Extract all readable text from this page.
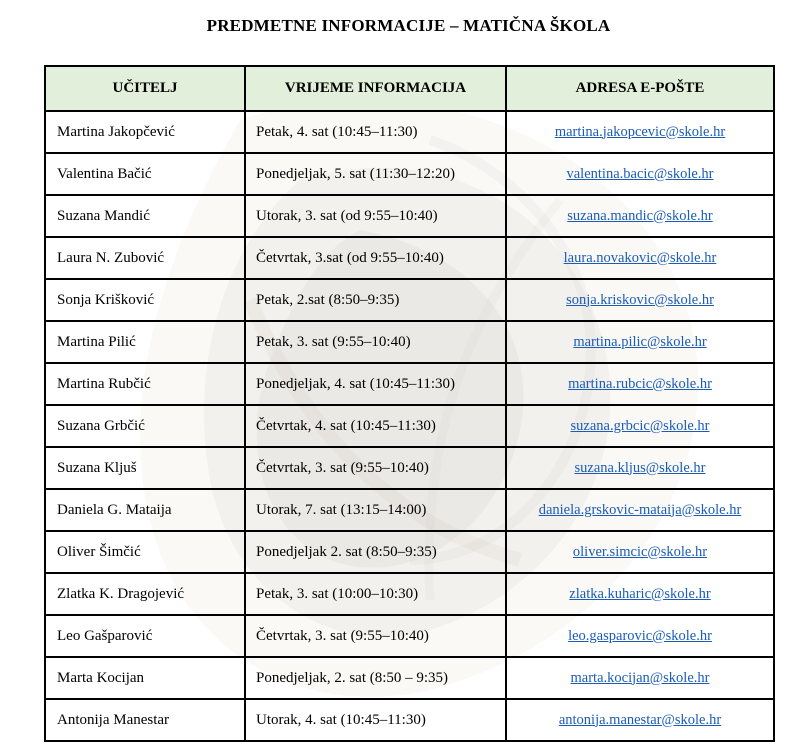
PREDMETNE INFORMACIJE – MATIČNA ŠKOLA
UČITELJ	VRIJEME INFORMACIJA	ADRESA E-POŠTE
Martina Jakopčević	Petak, 4. sat (10:45–11:30)	martina.jakopcevic@skole.hr
Valentina Bačić	Ponedjeljak, 5. sat (11:30–12:20)	valentina.bacic@skole.hr
Suzana Mandić	Utorak, 3. sat (od 9:55–10:40)	suzana.mandic@skole.hr
Laura N. Zubović	Četvrtak, 3.sat (od 9:55–10:40)	laura.novakovic@skole.hr
Sonja Krišković	Petak, 2.sat (8:50–9:35)	sonja.kriskovic@skole.hr
Martina Pilić	Petak, 3. sat (9:55–10:40)	martina.pilic@skole.hr
Martina Rubčić	Ponedjeljak, 4. sat (10:45–11:30)	martina.rubcic@skole.hr
Suzana Grbčić	Četvrtak, 4. sat (10:45–11:30)	suzana.grbcic@skole.hr
Suzana Kljuš	Četvrtak, 3. sat (9:55–10:40)	suzana.kljus@skole.hr
Daniela G. Mataija	Utorak, 7. sat (13:15–14:00)	daniela.grskovic-mataija@skole.hr
Oliver Šimčić	Ponedjeljak 2. sat (8:50–9:35)	oliver.simcic@skole.hr
Zlatka K. Dragojević	Petak, 3. sat (10:00–10:30)	zlatka.kuharic@skole.hr
Leo Gašparović	Četvrtak, 3. sat (9:55–10:40)	leo.gasparovic@skole.hr
Marta Kocijan	Ponedjeljak, 2. sat (8:50 – 9:35)	marta.kocijan@skole.hr
Antonija Manestar	Utorak, 4. sat (10:45–11:30)	antonija.manestar@skole.hr
